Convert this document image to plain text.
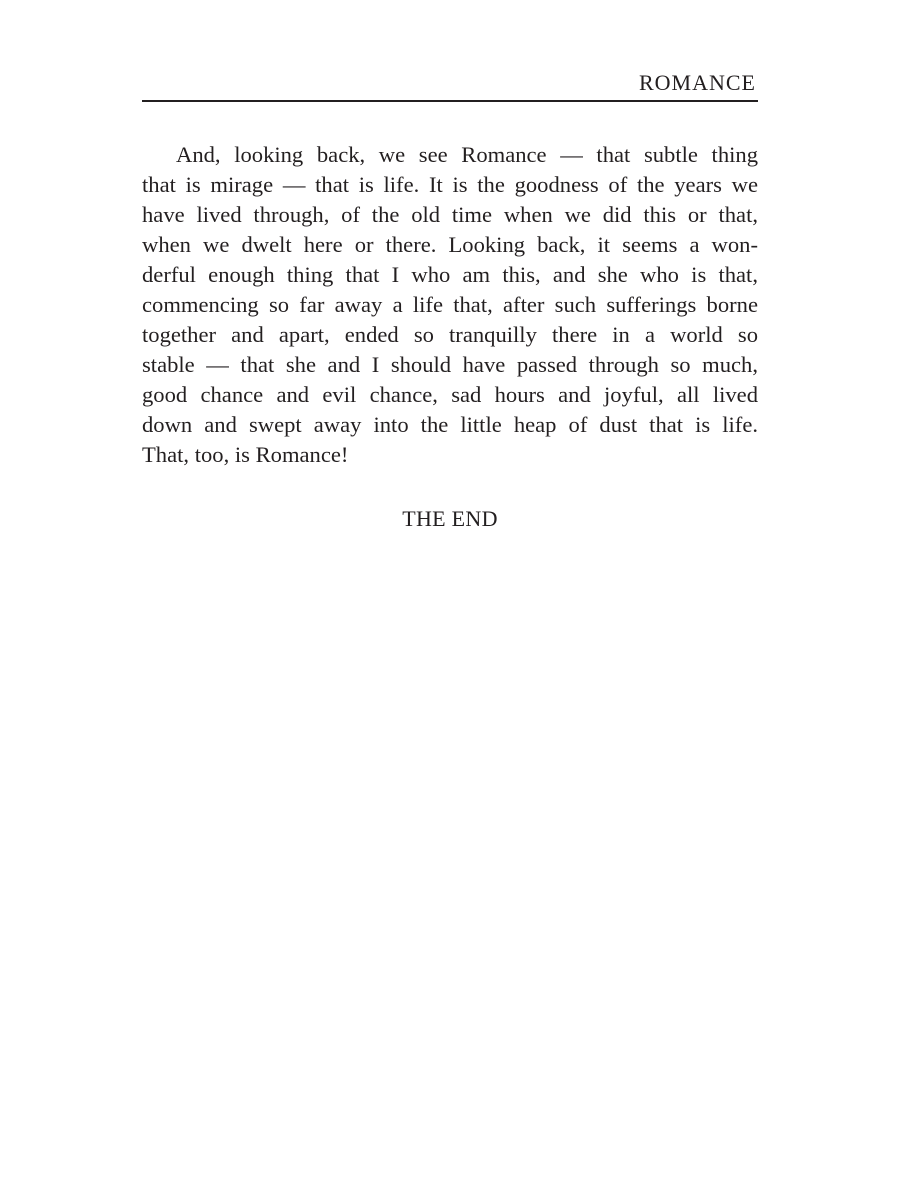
ROMANCE
And, looking back, we see Romance — that subtle thing
that is mirage — that is life. It is the goodness of the years we
have lived through, of the old time when we did this or that,
when we dwelt here or there. Looking back, it seems a won-
derful enough thing that I who am this, and she who is that,
commencing so far away a life that, after such sufferings borne
together and apart, ended so tranquilly there in a world so
stable — that she and I should have passed through so much,
good chance and evil chance, sad hours and joyful, all lived
down and swept away into the little heap of dust that is life.
That, too, is Romance!
THE END
